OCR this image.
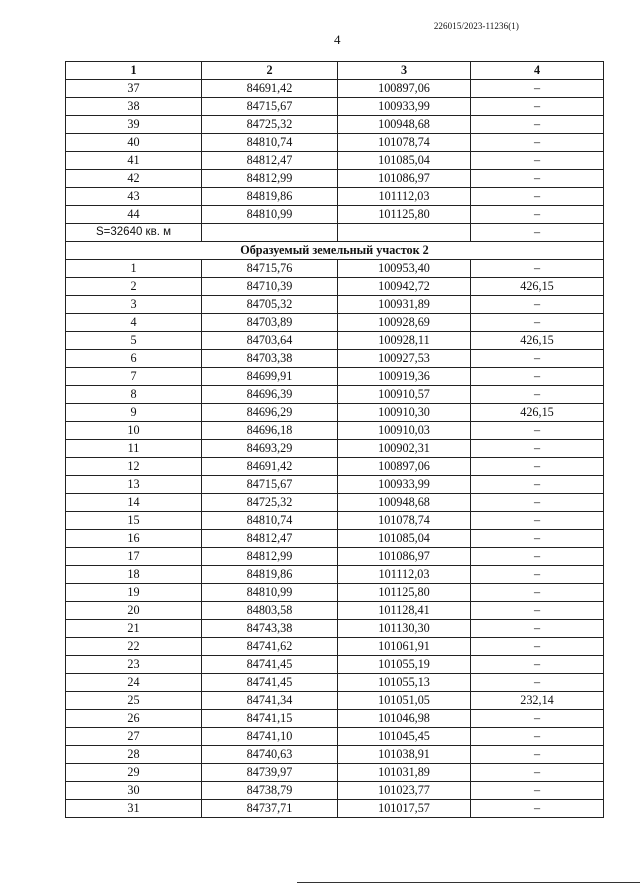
226015/2023-11236(1)
4
1	2	3	4
37	84691,42	100897,06	–
38	84715,67	100933,99	–
39	84725,32	100948,68	–
40	84810,74	101078,74	–
41	84812,47	101085,04	–
42	84812,99	101086,97	–
43	84819,86	101112,03	–
44	84810,99	101125,80	–
S=32640 кв. м			–
Образуемый земельный участок 2			
1	84715,76	100953,40	–
2	84710,39	100942,72	426,15
3	84705,32	100931,89	–
4	84703,89	100928,69	–
5	84703,64	100928,11	426,15
6	84703,38	100927,53	–
7	84699,91	100919,36	–
8	84696,39	100910,57	–
9	84696,29	100910,30	426,15
10	84696,18	100910,03	–
11	84693,29	100902,31	–
12	84691,42	100897,06	–
13	84715,67	100933,99	–
14	84725,32	100948,68	–
15	84810,74	101078,74	–
16	84812,47	101085,04	–
17	84812,99	101086,97	–
18	84819,86	101112,03	–
19	84810,99	101125,80	–
20	84803,58	101128,41	–
21	84743,38	101130,30	–
22	84741,62	101061,91	–
23	84741,45	101055,19	–
24	84741,45	101055,13	–
25	84741,34	101051,05	232,14
26	84741,15	101046,98	–
27	84741,10	101045,45	–
28	84740,63	101038,91	–
29	84739,97	101031,89	–
30	84738,79	101023,77	–
31	84737,71	101017,57	–
